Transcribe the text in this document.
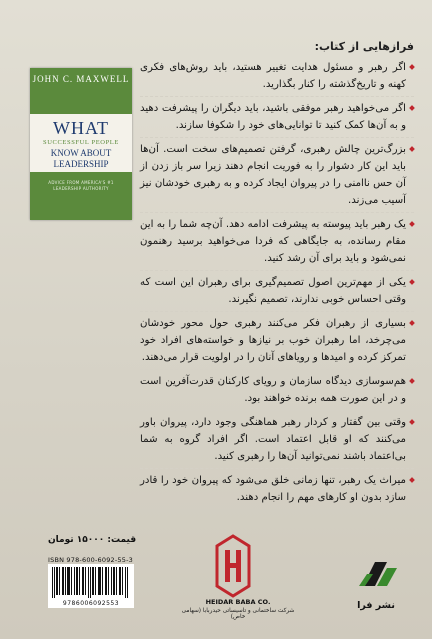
JOHN C. MAXWELL
WHAT
SUCCESSFUL PEOPLE
KNOW ABOUT LEADERSHIP
ADVICE FROM AMERICA'S #1 LEADERSHIP AUTHORITY
فرازهایی از کتاب:

اگر رهبر و مسئول هدایت تغییر هستید، باید روش‌های فکری کهنه و تاریخ‌گذشته را کنار بگذارید.

اگر می‌خواهید رهبر موفقی باشید، باید دیگران را پیشرفت دهید و به آن‌ها کمک کنید تا توانایی‌های خود را شکوفا سازند.

بزرگ‌ترین چالش رهبری، گرفتن تصمیم‌های سخت است. آن‌ها باید این کار دشوار را به فوریت انجام دهند زیرا سر باز زدن از آن حس ناامنی را در پیروان ایجاد کرده و به رهبری خودشان نیز آسیب می‌زند.

یک رهبر باید پیوسته به پیشرفت ادامه دهد. آن‌چه شما را به این مقام رسانده، به جایگاهی که فردا می‌خواهید برسید رهنمون نمی‌شود و باید برای آن رشد کنید.

یکی از مهم‌ترین اصول تصمیم‌گیری برای رهبران این است که وقتی احساس خوبی ندارند، تصمیم نگیرند.

بسیاری از رهبران فکر می‌کنند رهبری حول محور خودشان می‌چرخد، اما رهبران خوب بر نیازها و خواسته‌های افراد خود تمرکز کرده و امیدها و رویاهای آنان را در اولویت قرار می‌دهند.

هم‌سوسازی دیدگاه سازمان و رویای کارکنان قدرت‌آفرین است و در این صورت همه برنده خواهند بود.

وقتی بین گفتار و کردار رهبر هماهنگی وجود دارد، پیروان باور می‌کنند که او قابل اعتماد است. اگر افراد گروه به شما بی‌اعتماد باشند نمی‌توانید آن‌ها را رهبری کنید.

میراث یک رهبر، تنها زمانی خلق می‌شود که پیروان خود را قادر سازد بدون او کارهای مهم را انجام دهند.

قیمت: ۱۵۰۰۰ تومان
ISBN 978-600-6092-55-3
9786006092553	HEIDAR BABA CO.
شرکت ساختمانی و تاسیساتی حیدربابا (سهامی خاص)
نشر فرا
